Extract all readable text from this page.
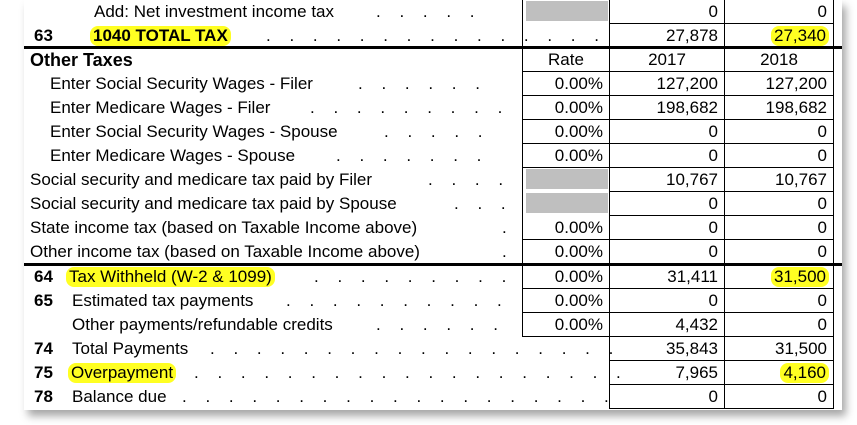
Add: Net investment income tax . . . . .	0	0
63 1040 TOTAL TAX . . . . . . . . . . . . . . .	27,878	27,340
Other Taxes	Rate	2017	2018
Enter Social Security Wages - Filer	. . . . . .	0.00%	127,200	127,200
Enter Medicare Wages - Filer . . . . . . . . .	0.00%	198,682	198,682
Enter Social Security Wages - Spouse	. . . . .	0.00%	0	0
Enter Medicare Wages - Spouse . . . . . . .	0.00%	0	0
Social security and medicare tax paid by Filer	. . . .	10,767	10,767
Social security and medicare tax paid by Spouse	. . .	0	0
State income tax (based on Taxable Income above)	.	0.00%	0	0
Other income tax (based on Taxable Income above)	.	0.00%	0	0
64 Tax Withheld (W-2 & 1099) . . . . . . . . .	0.00%	31,411	31,500
65 Estimated tax payments . . . . . . . . . .	0.00%	0	0
Other payments/refundable credits	. . . . . .	0.00%	4,432	0
74 Total Payments . . . . . . . . . . . . . . . . . .	35,843	31,500
75 Overpayment . . . . . . . . . . . . . . . . . . .	7,965	4,160
78 Balance due . . . . . . . . . . . . . . . . . . .	0	0
